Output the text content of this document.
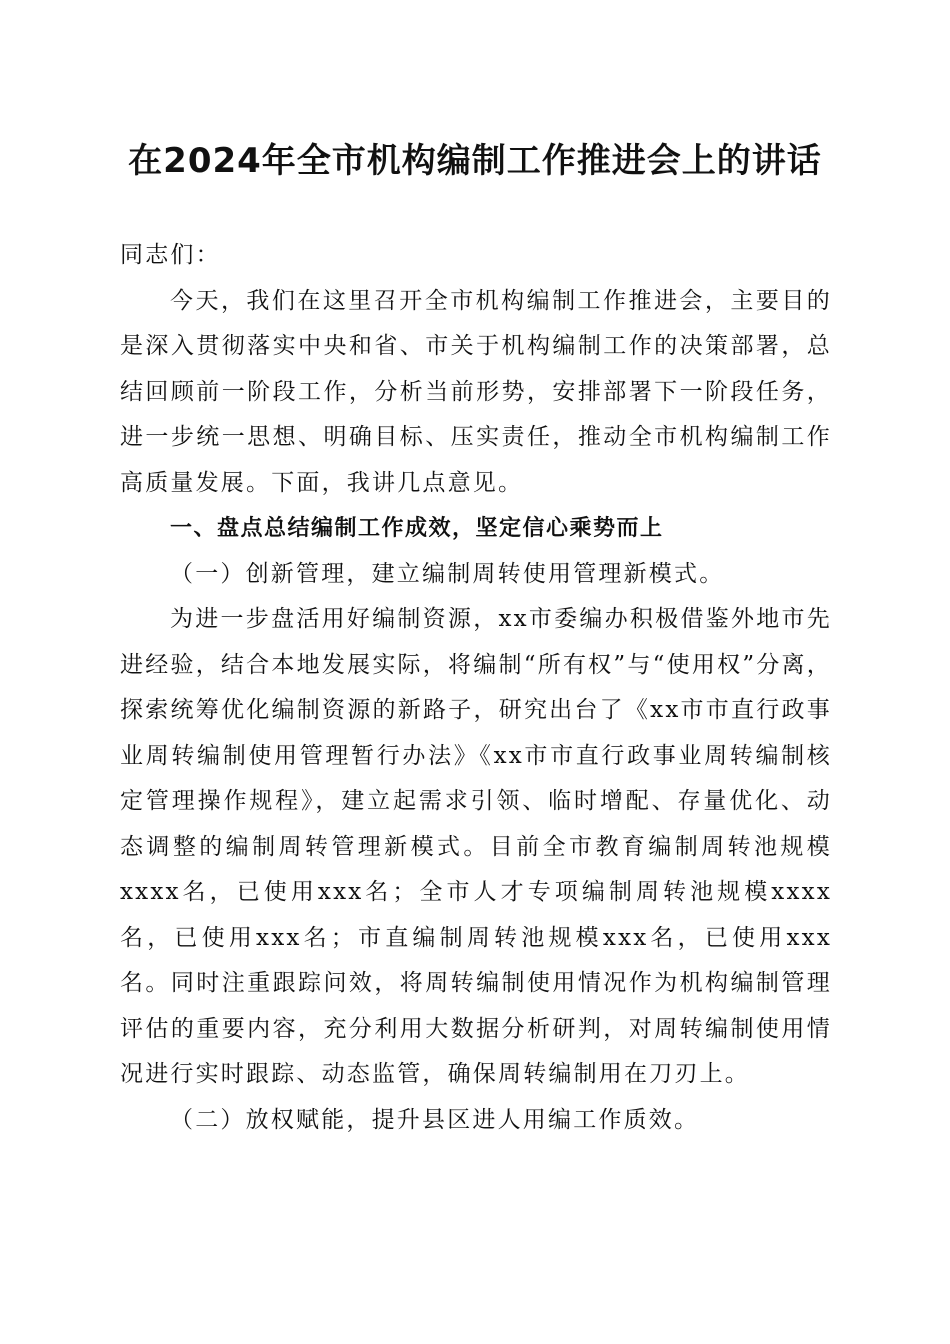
在2024年全市机构编制工作推进会上的讲话

同志们：

今天，我们在这里召开全市机构编制工作推进会，主要目的是深入贯彻落实中央和省、市关于机构编制工作的决策部署，总结回顾前一阶段工作，分析当前形势，安排部署下一阶段任务，进一步统一思想、明确目标、压实责任，推动全市机构编制工作高质量发展。下面，我讲几点意见。

一、盘点总结编制工作成效，坚定信心乘势而上

（一）创新管理，建立编制周转使用管理新模式。

为进一步盘活用好编制资源，xx市委编办积极借鉴外地市先进经验，结合本地发展实际，将编制“所有权”与“使用权”分离，探索统筹优化编制资源的新路子，研究出台了《xx市市直行政事业周转编制使用管理暂行办法》《xx市市直行政事业周转编制核定管理操作规程》，建立起需求引领、临时增配、存量优化、动态调整的编制周转管理新模式。目前全市教育编制周转池规模xxxx名，已使用xxx名；全市人才专项编制周转池规模xxxx名，已使用xxx名；市直编制周转池规模xxx名，已使用xxx名。同时注重跟踪问效，将周转编制使用情况作为机构编制管理评估的重要内容，充分利用大数据分析研判，对周转编制使用情况进行实时跟踪、动态监管，确保周转编制用在刀刃上。

（二）放权赋能，提升县区进人用编工作质效。
